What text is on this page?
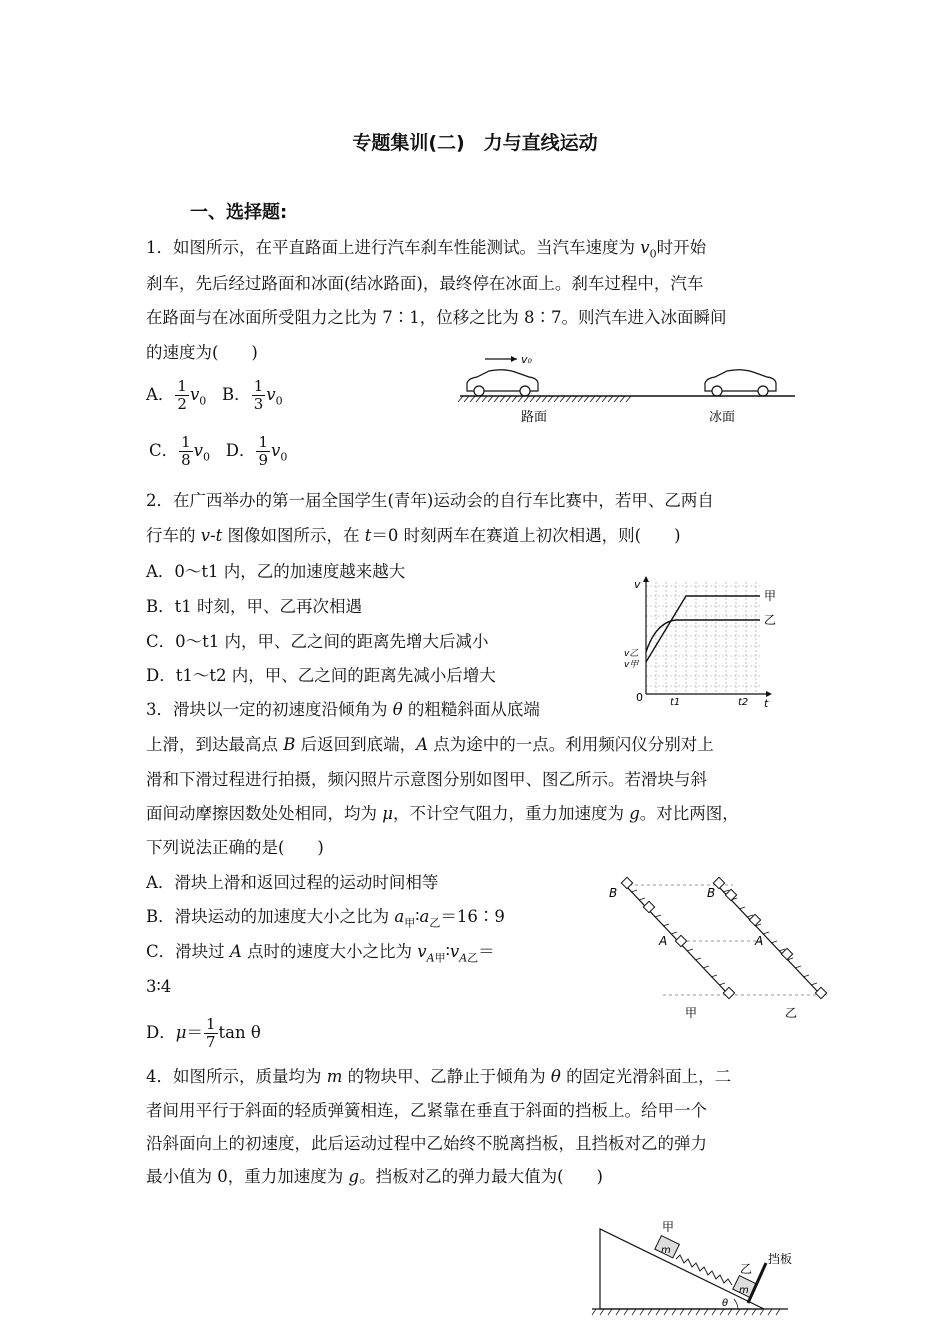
专题集训(二)　力与直线运动
一、选择题:
1．如图所示，在平直路面上进行汽车刹车性能测试。当汽车速度为 $v_0$时开始
刹车，先后经过路面和冰面(结冰路面)，最终停在冰面上。刹车过程中，汽车
在路面与在冰面所受阻力之比为 7∶1，位移之比为 8∶7。则汽车进入冰面瞬间
的速度为(　　)
A． $\frac{1}{2} v_0$ B． $\frac{1}{3} v_0$
C． $\frac{1}{8} v_0$ D． $\frac{1}{9} v_0$
v₀
路面	冰面
2．在广西举办的第一届全国学生(青年)运动会的自行车比赛中，若甲、乙两自
行车的 v-t 图像如图所示，在 t＝0 时刻两车在赛道上初次相遇，则(　　)
A．0～t1 内，乙的加速度越来越大
B．t1 时刻，甲、乙再次相遇
C．0～t1 内，甲、乙之间的距离先增大后减小
D．t1～t2 内，甲、乙之间的距离先减小后增大
v
t
甲
乙
v乙
v甲
0	t1	t2
3．滑块以一定的初速度沿倾角为 θ 的粗糙斜面从底端
上滑，到达最高点 B 后返回到底端，A 点为途中的一点。利用频闪仪分别对上
滑和下滑过程进行拍摄，频闪照片示意图分别如图甲、图乙所示。若滑块与斜
面间动摩擦因数处处相同，均为 μ，不计空气阻力，重力加速度为 g。对比两图，
下列说法正确的是(　　)
A．滑块上滑和返回过程的运动时间相等
B．滑块运动的加速度大小之比为 $a_甲∶a_乙=16∶9$
C．滑块过 A 点时的速度大小之比为 $v_{A甲}∶v_{A乙}=$
3∶4
D．$\mu= \frac{1}{7}$ tan θ
B
A
B
A
甲	乙
4．如图所示，质量均为 m 的物块甲、乙静止于倾角为 θ 的固定光滑斜面上，二
者间用平行于斜面的轻质弹簧相连，乙紧靠在垂直于斜面的挡板上。给甲一个
沿斜面向上的初速度，此后运动过程中乙始终不脱离挡板，且挡板对乙的弹力
最小值为 0，重力加速度为 g。挡板对乙的弹力最大值为(　　)
m
m
θ
甲
乙
挡板
